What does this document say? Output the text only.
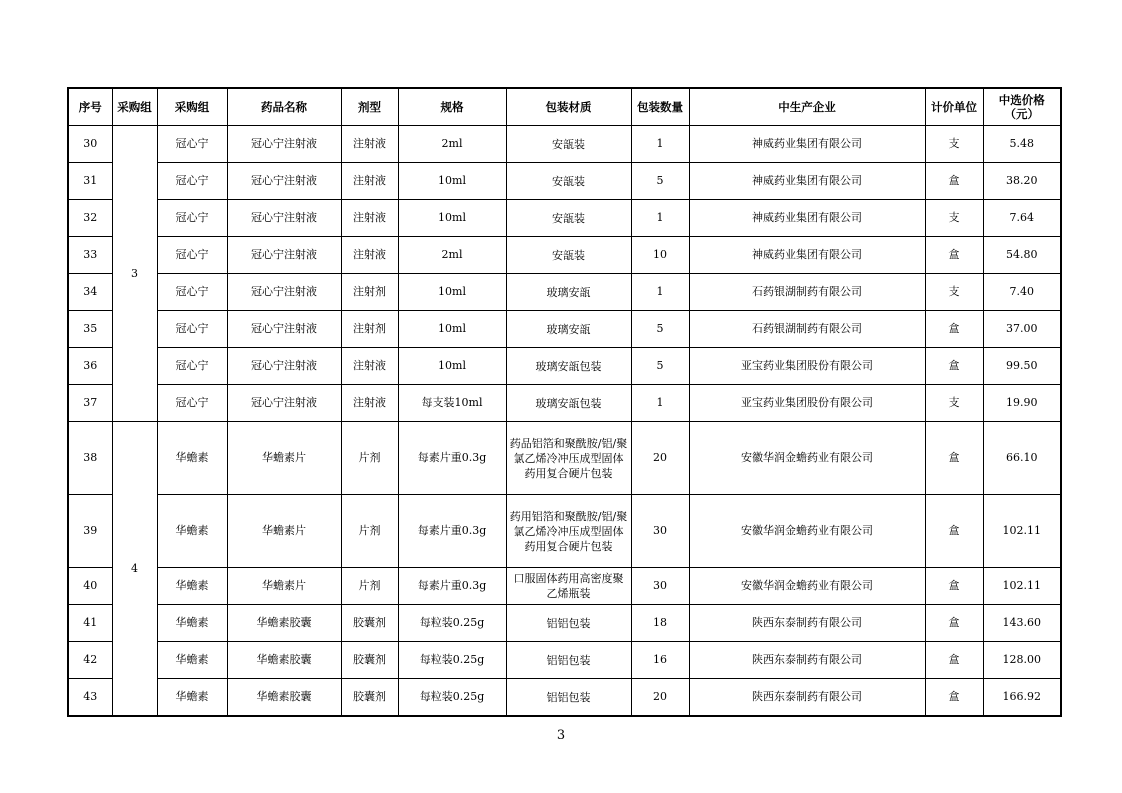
序号	采购组	采购组	药品名称	剂型	规格	包装材质	包装数量	中生产企业	计价单位	中选价格
（元）
30	3	冠心宁	冠心宁注射液	注射液	2ml	安瓿装	1	神威药业集团有限公司	支	5.48
31		冠心宁	冠心宁注射液	注射液	10ml	安瓿装	5	神威药业集团有限公司	盒	38.20
32		冠心宁	冠心宁注射液	注射液	10ml	安瓿装	1	神威药业集团有限公司	支	7.64
33		冠心宁	冠心宁注射液	注射液	2ml	安瓿装	10	神威药业集团有限公司	盒	54.80
34		冠心宁	冠心宁注射液	注射剂	10ml	玻璃安瓿	1	石药银湖制药有限公司	支	7.40
35		冠心宁	冠心宁注射液	注射剂	10ml	玻璃安瓿	5	石药银湖制药有限公司	盒	37.00
36		冠心宁	冠心宁注射液	注射液	10ml	玻璃安瓿包装	5	亚宝药业集团股份有限公司	盒	99.50
37		冠心宁	冠心宁注射液	注射液	每支装10ml	玻璃安瓿包装	1	亚宝药业集团股份有限公司	支	19.90
38	4	华蟾素	华蟾素片	片剂	每素片重0.3g	药品铝箔和聚酰胺/铝/聚氯乙烯冷冲压成型固体药用复合硬片包装	20	安徽华润金蟾药业有限公司	盒	66.10
39		华蟾素	华蟾素片	片剂	每素片重0.3g	药用铝箔和聚酰胺/铝/聚氯乙烯冷冲压成型固体药用复合硬片包装	30	安徽华润金蟾药业有限公司	盒	102.11
40		华蟾素	华蟾素片	片剂	每素片重0.3g	口服固体药用高密度聚乙烯瓶装	30	安徽华润金蟾药业有限公司	盒	102.11
41		华蟾素	华蟾素胶囊	胶囊剂	每粒装0.25g	铝铝包装	18	陕西东泰制药有限公司	盒	143.60
42		华蟾素	华蟾素胶囊	胶囊剂	每粒装0.25g	铝铝包装	16	陕西东泰制药有限公司	盒	128.00
43		华蟾素	华蟾素胶囊	胶囊剂	每粒装0.25g	铝铝包装	20	陕西东泰制药有限公司	盒	166.92
3
